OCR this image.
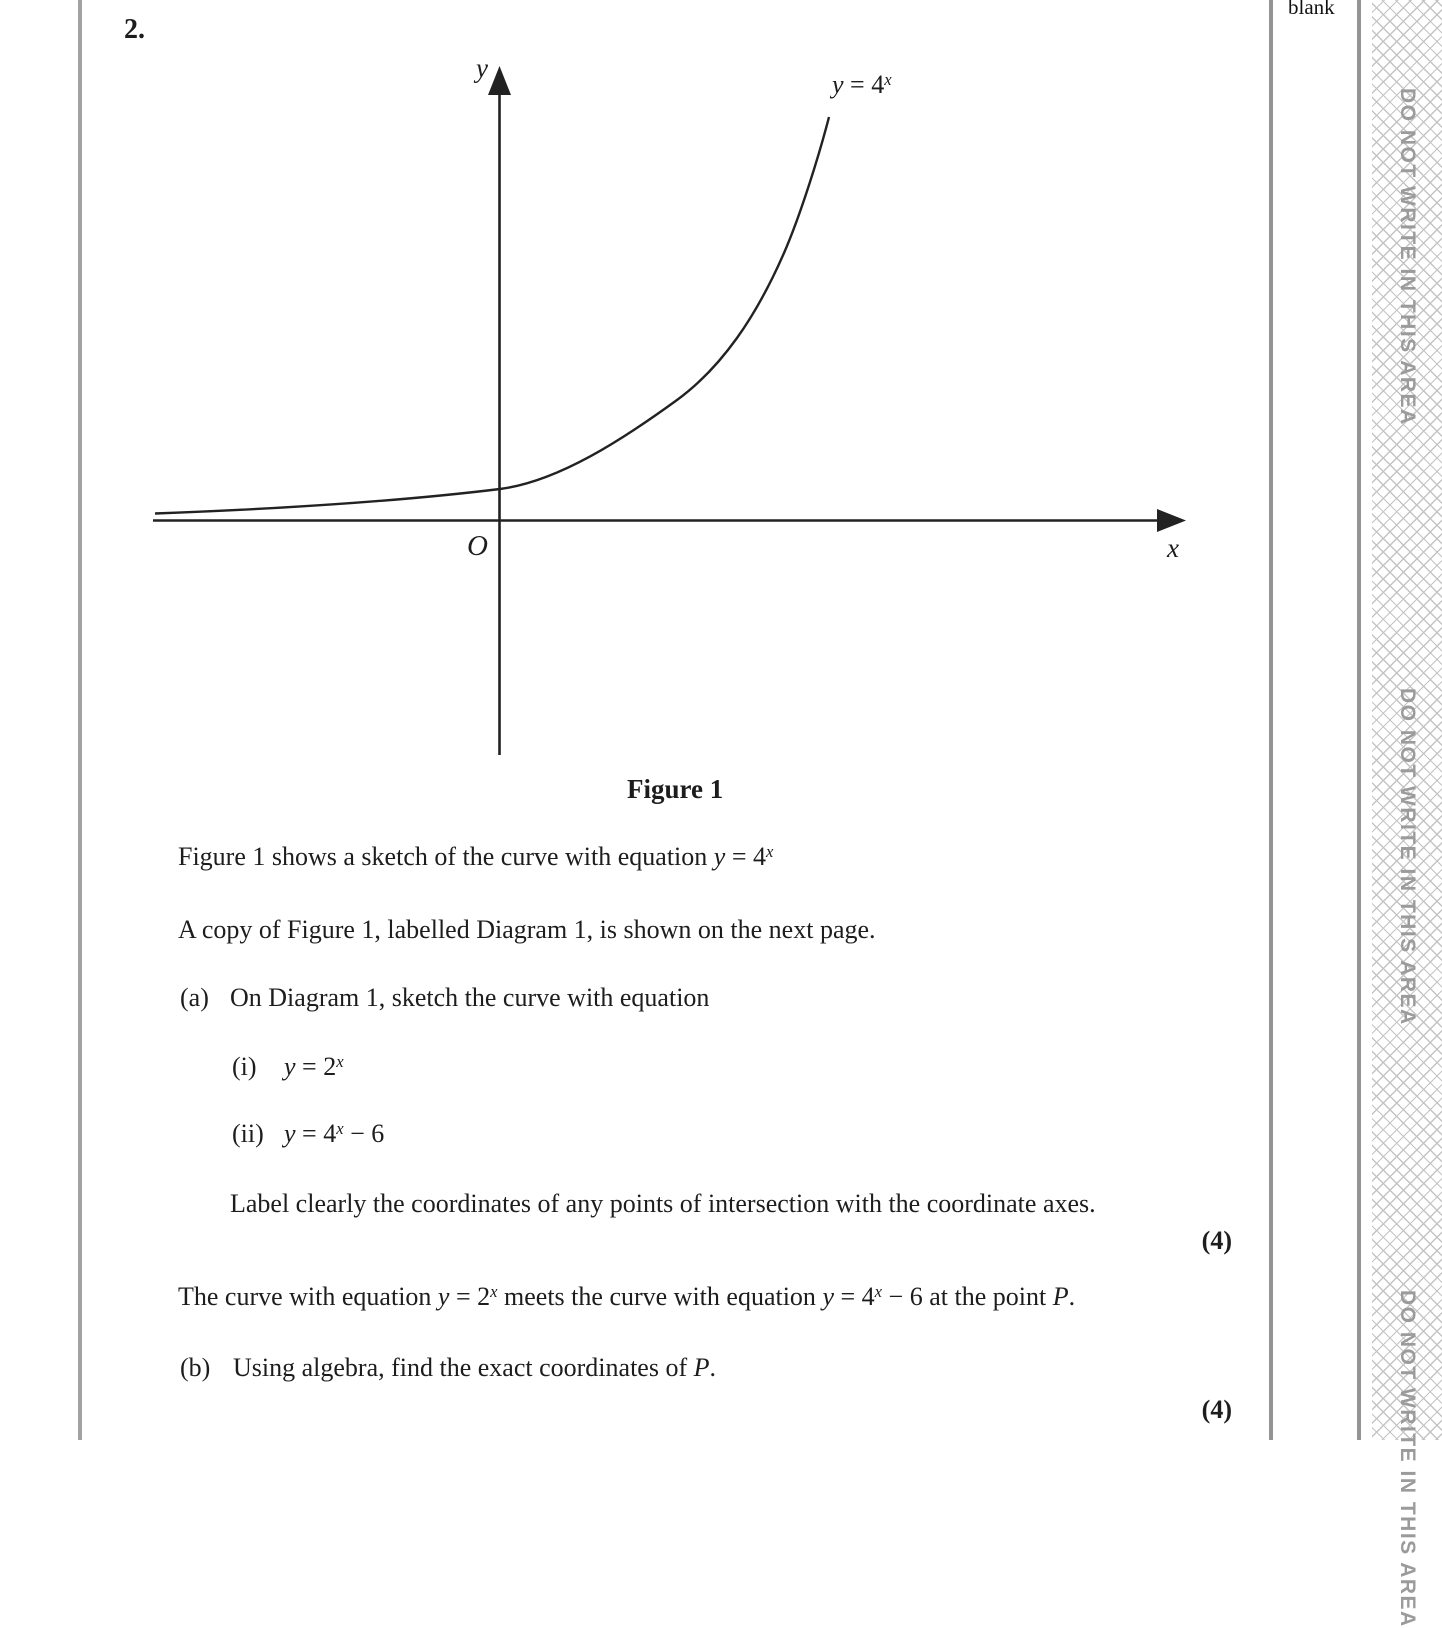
blank
DO NOT WRITE IN THIS AREA
DO NOT WRITE IN THIS AREA
DO NOT WRITE IN THIS AREA
2.
y
x
O
$y = 4^x$
Figure 1
Figure 1 shows a sketch of the curve with equation $y = 4^x$
A copy of Figure 1, labelled Diagram 1, is shown on the next page.
(a) On Diagram 1, sketch the curve with equation
(i) $y = 2^x$
(ii) $y = 4^x - 6$
Label clearly the coordinates of any points of intersection with the coordinate axes.
(4)
The curve with equation $y = 2^x$ meets the curve with equation $y = 4^x - 6$ at the point P.
(b) Using algebra, find the exact coordinates of P.
(4)
